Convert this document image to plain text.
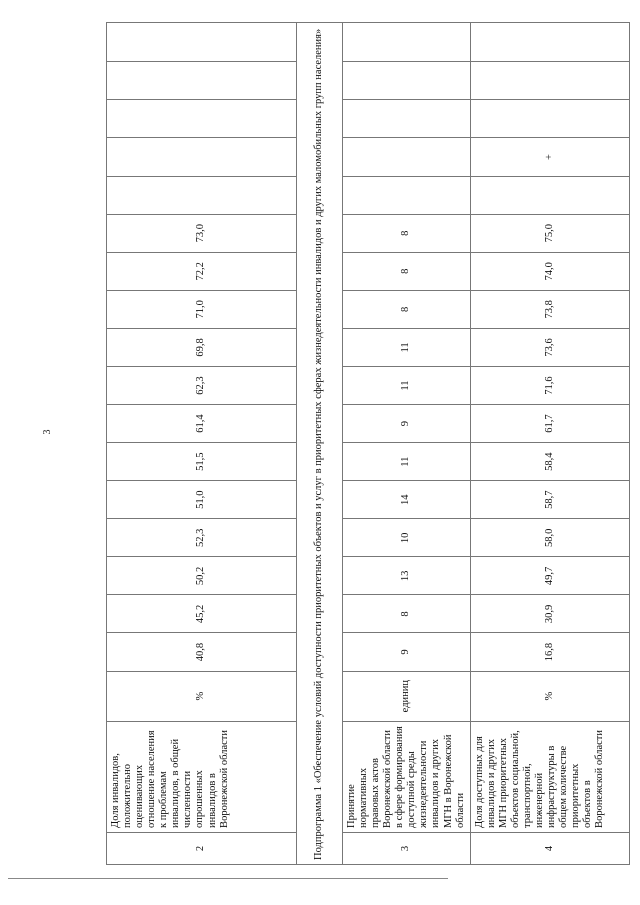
3
2	Доля инвалидов, положительно оценивающих отношение населения к проблемам инвалидов, в общей численности опрошенных инвалидов в Воронежской области	%	40,8	45,2	50,2	52,3	51,0	51,5	61,4	62,3	69,8	71,0	72,2	73,0					
Подпрограмма 1 «Обеспечение условий доступности приоритетных объектов и услуг в приоритетных сферах жизнедеятельности инвалидов и других маломобильных групп населения»																			
3	Принятие нормативных правовых актов Воронежской области в сфере формирования доступной среды жизнедеятельности инвалидов и других МГН в Воронежской области	единиц	9	8	13	10	14	11	9	11	11	8	8	8					
4	Доля доступных для инвалидов и других МГН приоритетных объектов социальной, транспортной, инженерной инфраструктуры в общем количестве приоритетных объектов в Воронежской области	%	16,8	30,9	49,7	58,0	58,7	58,4	61,7	71,6	73,6	73,8	74,0	75,0		+			
